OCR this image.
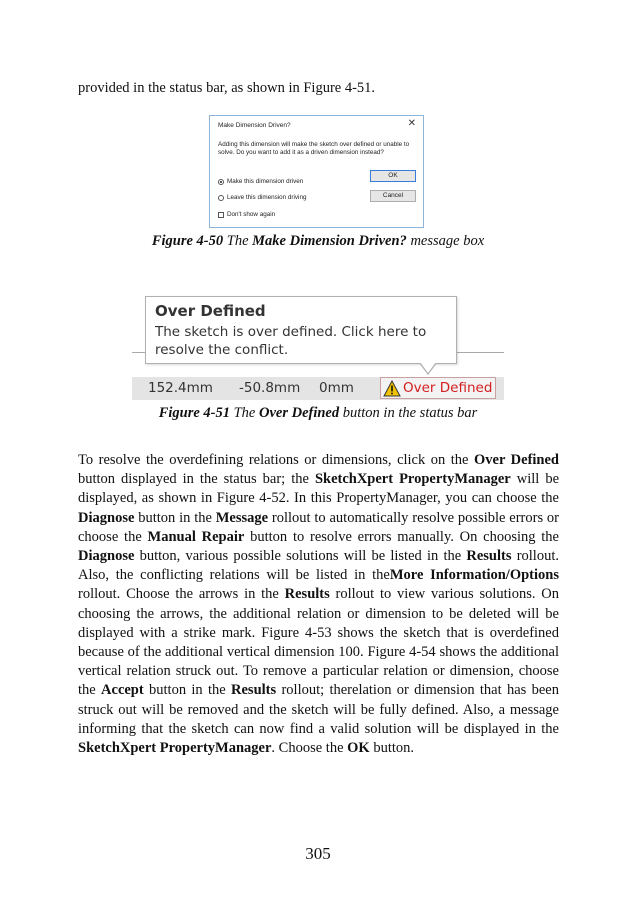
provided in the status bar, as shown in Figure 4-51.

Make Dimension Driven?	✕
Adding this dimension will make the sketch over defined or unable to solve. Do you want to add it as a driven dimension instead?
Make this dimension driven
Leave this dimension driving
Don't show again
OK
Cancel

Figure 4-50 The Make Dimension Driven? message box

Over Defined
The sketch is over defined. Click here to resolve the conflict.
152.4mm -50.8mm 0mm	Over Defined

Figure 4-51 The Over Defined button in the status bar

To resolve the overdefining relations or dimensions, click on the Over Defined button displayed in the status bar; the SketchXpert PropertyManager will be displayed, as shown in Figure 4-52. In this PropertyManager, you can choose the Diagnose button in the Message rollout to automatically resolve possible errors or choose the Manual Repair button to resolve errors manually. On choosing the Diagnose button, various possible solutions will be listed in the Results rollout. Also, the conflicting relations will be listed in theMore Information/Options rollout. Choose the arrows in the Results rollout to view various solutions. On choosing the arrows, the additional relation or dimension to be deleted will be displayed with a strike mark. Figure 4-53 shows the sketch that is overdefined because of the additional vertical dimension 100. Figure 4-54 shows the additional vertical relation struck out. To remove a particular relation or dimension, choose the Accept button in the Results rollout; therelation or dimension that has been struck out will be removed and the sketch will be fully defined. Also, a message informing that the sketch can now find a valid solution will be displayed in the SketchXpert PropertyManager. Choose the OK button.

305
